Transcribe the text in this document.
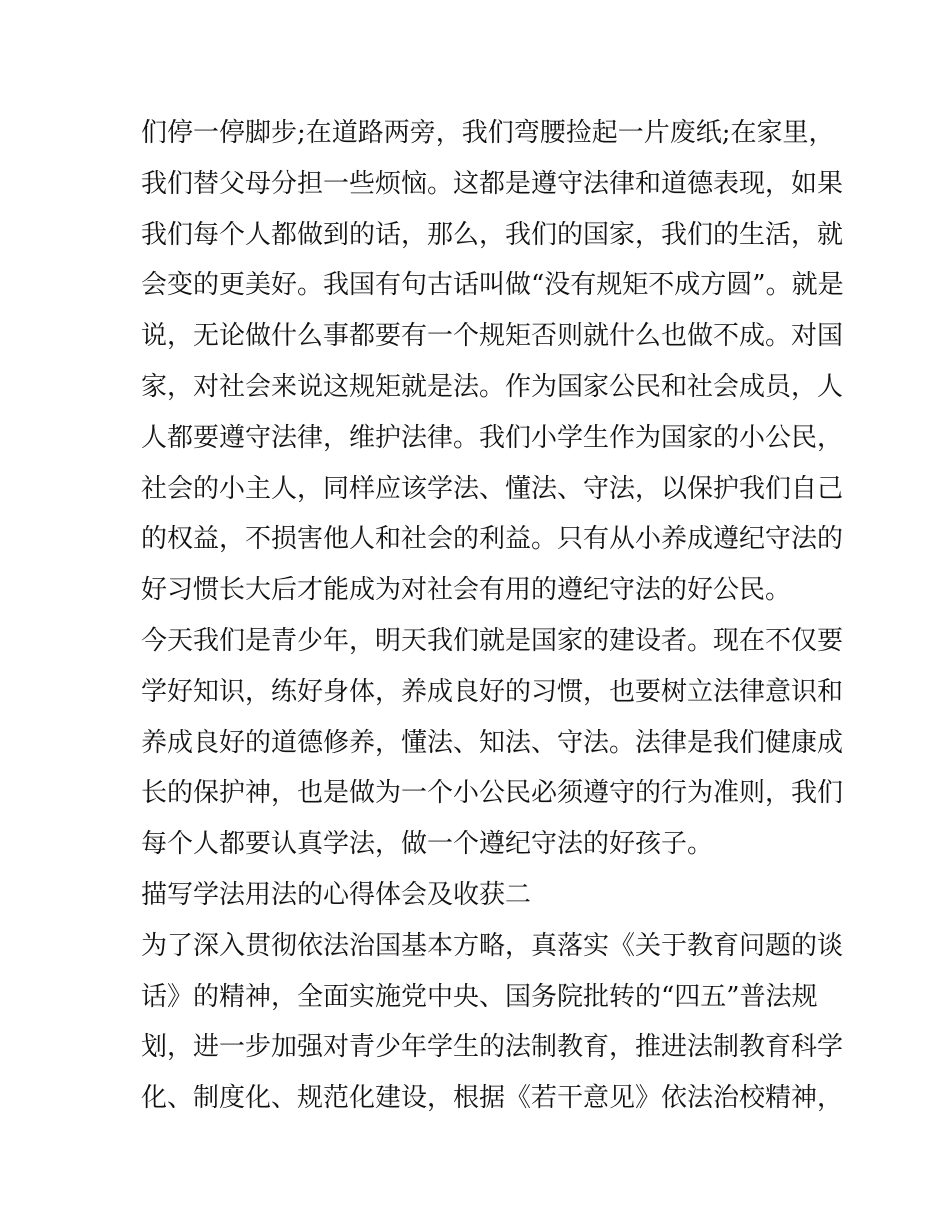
们停一停脚步;在道路两旁，我们弯腰捡起一片废纸;在家里，
我们替父母分担一些烦恼。这都是遵守法律和道德表现，如果
我们每个人都做到的话，那么，我们的国家，我们的生活，就
会变的更美好。我国有句古话叫做“没有规矩不成方圆”。就是
说，无论做什么事都要有一个规矩否则就什么也做不成。对国
家，对社会来说这规矩就是法。作为国家公民和社会成员，人
人都要遵守法律，维护法律。我们小学生作为国家的小公民，
社会的小主人，同样应该学法、懂法、守法，以保护我们自己
的权益，不损害他人和社会的利益。只有从小养成遵纪守法的
好习惯长大后才能成为对社会有用的遵纪守法的好公民。
今天我们是青少年，明天我们就是国家的建设者。现在不仅要
学好知识，练好身体，养成良好的习惯，也要树立法律意识和
养成良好的道德修养，懂法、知法、守法。法律是我们健康成
长的保护神，也是做为一个小公民必须遵守的行为准则，我们
每个人都要认真学法，做一个遵纪守法的好孩子。
描写学法用法的心得体会及收获二
为了深入贯彻依法治国基本方略，真落实《关于教育问题的谈
话》的精神，全面实施党中央、国务院批转的“四五”普法规
划，进一步加强对青少年学生的法制教育，推进法制教育科学
化、制度化、规范化建设，根据《若干意见》依法治校精神，
